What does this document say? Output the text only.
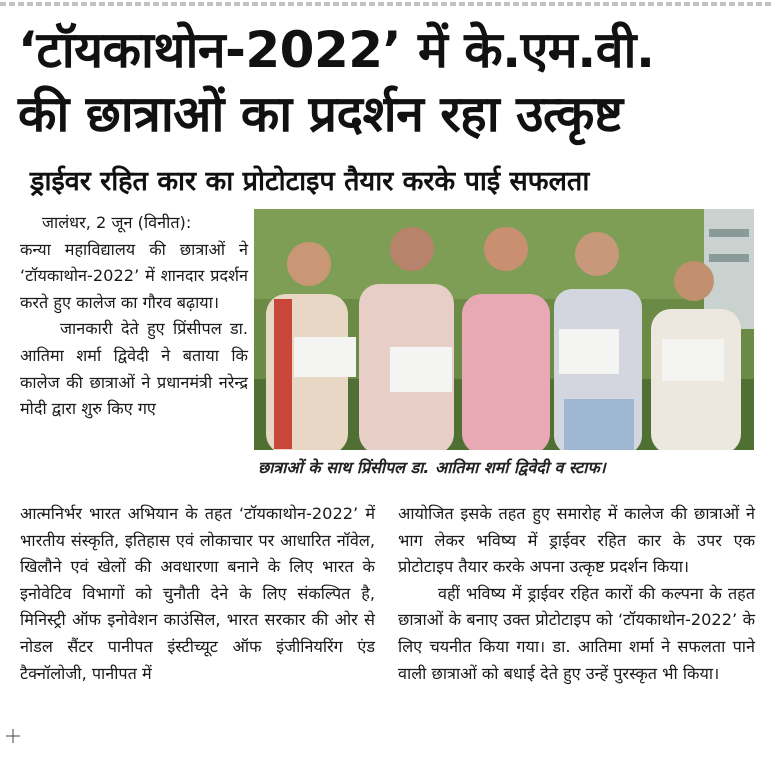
‘टॉयकाथोन-2022’ में के.एम.वी.
की छात्राओं का प्रदर्शन रहा उत्कृष्ट
ड्राईवर रहित कार का प्रोटोटाइप तैयार करके पाई सफलता
जालंधर, 2 जून (विनीत):
कन्या महाविद्यालय की छात्राओं ने ‘टॉयकाथोन-2022’ में शानदार प्रदर्शन करते हुए कालेज का गौरव बढ़ाया।
जानकारी देते हुए प्रिंसीपल डा. आतिमा शर्मा द्विवेदी ने बताया कि कालेज की छात्राओं ने प्रधानमंत्री नरेन्द्र मोदी द्वारा शुरु किए गए
छात्राओं के साथ प्रिंसीपल डा. आतिमा शर्मा द्विवेदी व स्टाफ।
आत्मनिर्भर भारत अभियान के तहत ‘टॉयकाथोन-2022’ में भारतीय संस्कृति, इतिहास एवं लोकाचार पर आधारित नॉवेल, खिलौने एवं खेलों की अवधारणा बनाने के लिए भारत के इनोवेटिव विभागों को चुनौती देने के लिए संकल्पित है, मिनिस्ट्री ऑफ इनोवेशन काउंसिल, भारत सरकार की ओर से नोडल सैंटर पानीपत इंस्टीच्यूट ऑफ इंजीनियरिंग एंड टैक्नॉलोजी, पानीपत में
आयोजित इसके तहत हुए समारोह में कालेज की छात्राओं ने भाग लेकर भविष्य में ड्राईवर रहित कार के उपर एक प्रोटोटाइप तैयार करके अपना उत्कृष्ट प्रदर्शन किया।
वहीं भविष्य में ड्राईवर रहित कारों की कल्पना के तहत छात्राओं के बनाए उक्त प्रोटोटाइप को ‘टॉयकाथोन-2022’ के लिए चयनीत किया गया। डा. आतिमा शर्मा ने सफलता पाने वाली छात्राओं को बधाई देते हुए उन्हें पुरस्कृत भी किया।
